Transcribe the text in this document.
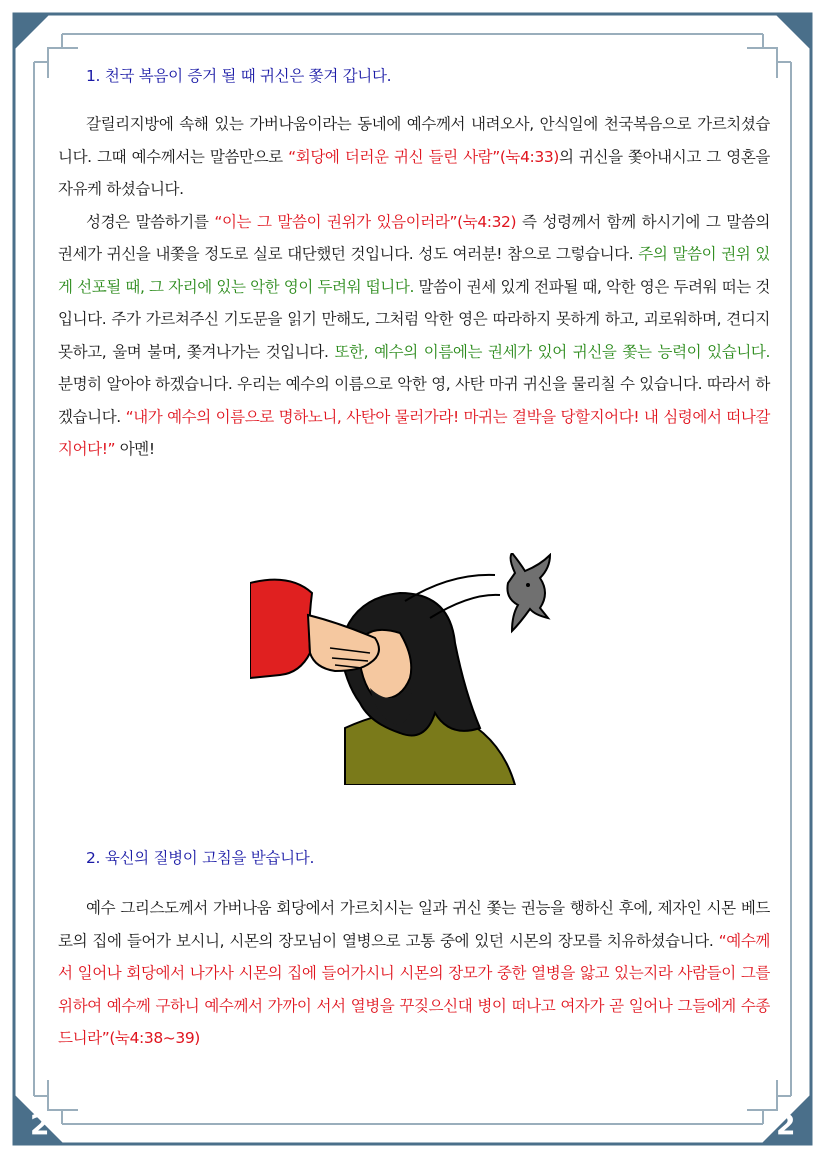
2	2
1. 천국 복음이 증거 될 때 귀신은 쫓겨 갑니다.

갈릴리지방에 속해 있는 가버나움이라는 동네에 예수께서 내려오사, 안식일에 천국복음으로 가르치셨습니다. 그때 예수께서는 말씀만으로 “회당에 더러운 귀신 들린 사람”(눅4:33)의 귀신을 쫓아내시고 그 영혼을 자유케 하셨습니다.

성경은 말씀하기를 “이는 그 말씀이 권위가 있음이러라”(눅4:32) 즉 성령께서 함께 하시기에 그 말씀의 권세가 귀신을 내쫓을 정도로 실로 대단했던 것입니다. 성도 여러분! 참으로 그렇습니다. 주의 말씀이 권위 있게 선포될 때, 그 자리에 있는 악한 영이 두려워 떱니다. 말씀이 권세 있게 전파될 때, 악한 영은 두려워 떠는 것입니다. 주가 가르쳐주신 기도문을 읽기 만해도, 그처럼 악한 영은 따라하지 못하게 하고, 괴로워하며, 견디지 못하고, 울며 불며, 쫓겨나가는 것입니다. 또한, 예수의 이름에는 권세가 있어 귀신을 쫓는 능력이 있습니다. 분명히 알아야 하겠습니다. 우리는 예수의 이름으로 악한 영, 사탄 마귀 귀신을 물리칠 수 있습니다. 따라서 하겠습니다. “내가 예수의 이름으로 명하노니, 사탄아 물러가라! 마귀는 결박을 당할지어다! 내 심령에서 떠나갈 지어다!” 아멘!

2. 육신의 질병이 고침을 받습니다.

예수 그리스도께서 가버나움 회당에서 가르치시는 일과 귀신 쫓는 권능을 행하신 후에, 제자인 시몬 베드로의 집에 들어가 보시니, 시몬의 장모님이 열병으로 고통 중에 있던 시몬의 장모를 치유하셨습니다. “예수께서 일어나 회당에서 나가사 시몬의 집에 들어가시니 시몬의 장모가 중한 열병을 앓고 있는지라 사람들이 그를 위하여 예수께 구하니 예수께서 가까이 서서 열병을 꾸짖으신대 병이 떠나고 여자가 곧 일어나 그들에게 수종드니라”(눅4:38~39)
